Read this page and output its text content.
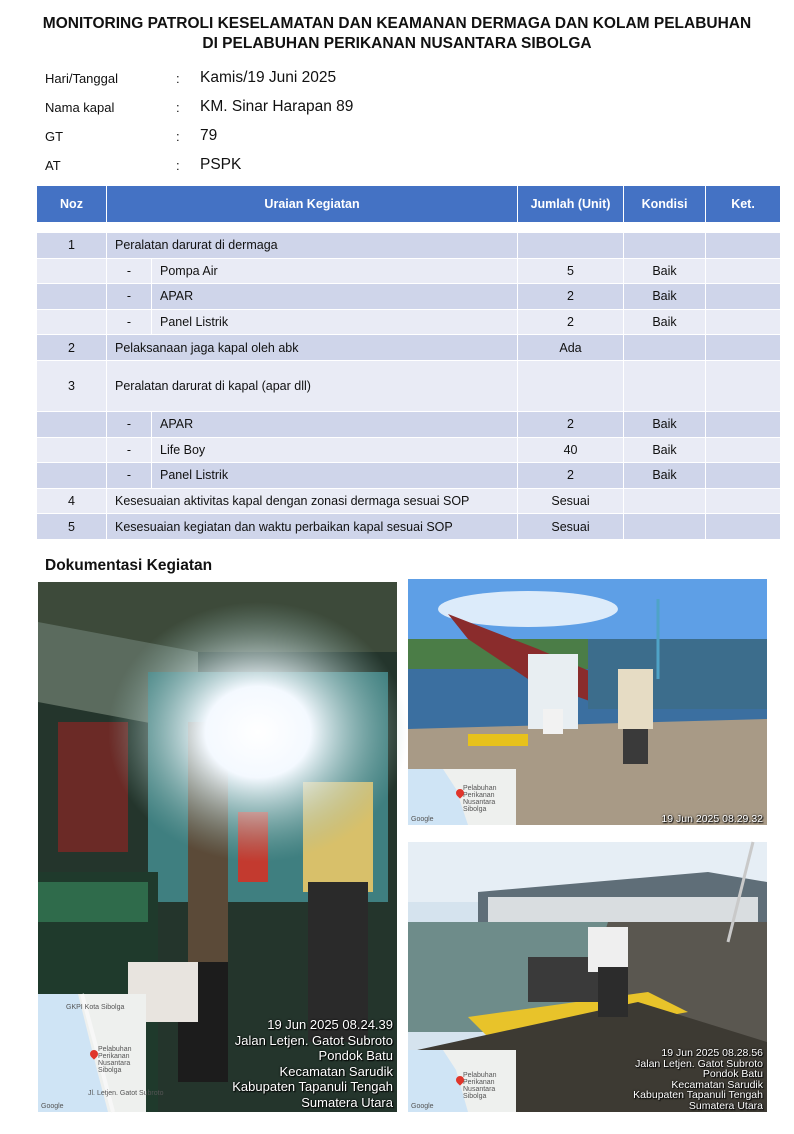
MONITORING PATROLI KESELAMATAN DAN KEAMANAN DERMAGA DAN KOLAM PELABUHAN
DI PELABUHAN PERIKANAN NUSANTARA SIBOLGA
Hari/Tanggal	: Kamis/19 Juni 2025
Nama kapal	: KM. Sinar Harapan 89
GT	: 79
AT	: PSPK
Noz	Uraian Kegiatan		Jumlah (Unit)	Kondisi	Ket.

1	Peralatan darurat di dermaga				
	-	Pompa Air	5	Baik	
	-	APAR	2	Baik	
	-	Panel Listrik	2	Baik	
2	Pelaksanaan jaga kapal oleh abk		Ada		
3	Peralatan darurat di kapal (apar dll)				
	-	APAR	2	Baik	
	-	Life Boy	40	Baik	
	-	Panel Listrik	2	Baik	
4	Kesesuaian aktivitas kapal dengan zonasi dermaga sesuai SOP		Sesuai		
5	Kesesuaian kegiatan dan waktu perbaikan kapal sesuai SOP		Sesuai		
Dokumentasi Kegiatan
GKPI Kota Sibolga
Pelabuhan Perikanan Nusantara Sibolga
Jl. Letjen. Gatot Subroto
Google
19 Jun 2025 08.24.39
Jalan Letjen. Gatot Subroto
Pondok Batu
Kecamatan Sarudik
Kabupaten Tapanuli Tengah
Sumatera Utara
Pelabuhan Perikanan Nusantara Sibolga
Google	19 Jun 2025 08.29.32
Pelabuhan Perikanan Nusantara Sibolga
Google
19 Jun 2025 08.28.56
Jalan Letjen. Gatot Subroto
Pondok Batu
Kecamatan Sarudik
Kabupaten Tapanuli Tengah
Sumatera Utara
